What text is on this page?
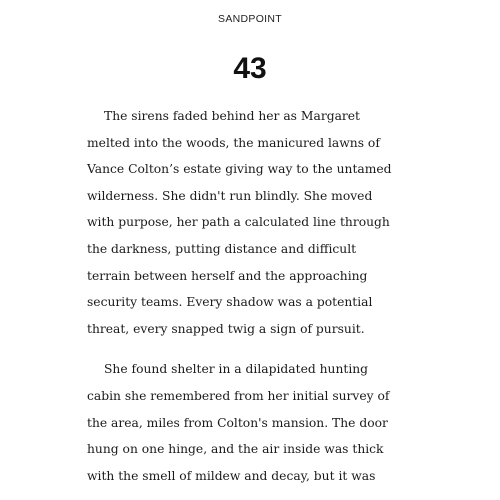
SANDPOINT
43
The sirens faded behind her as Margaret
melted into the woods, the manicured lawns of
Vance Colton’s estate giving way to the untamed
wilderness. She didn't run blindly. She moved
with purpose, her path a calculated line through
the darkness, putting distance and difficult
terrain between herself and the approaching
security teams. Every shadow was a potential
threat, every snapped twig a sign of pursuit.
She found shelter in a dilapidated hunting
cabin she remembered from her initial survey of
the area, miles from Colton's mansion. The door
hung on one hinge, and the air inside was thick
with the smell of mildew and decay, but it was
